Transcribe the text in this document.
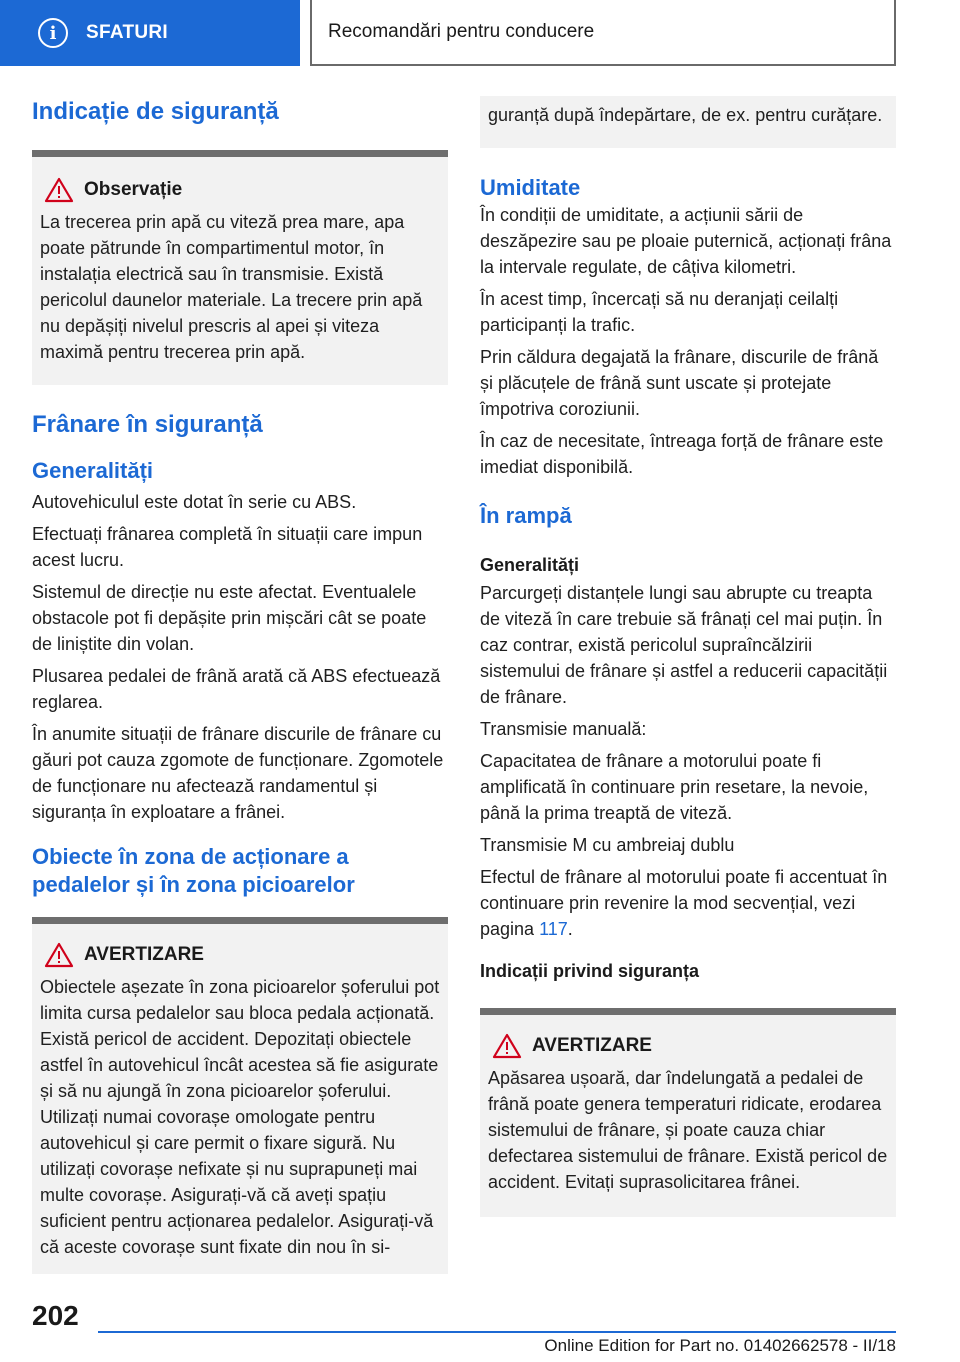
i	SFATURI	Recomandări pentru conducere
Indicație de siguranță
Observație

La trecerea prin apă cu viteză prea mare, apa poate pătrunde în compartimentul motor, în instalația electrică sau în transmisie. Există pericolul daunelor materiale. La trecere prin apă nu depășiți nivelul prescris al apei și viteza maximă pentru trecerea prin apă.

Frânare în siguranță
Generalități

Autovehiculul este dotat în serie cu ABS.

Efectuați frânarea completă în situații care impun acest lucru.

Sistemul de direcție nu este afectat. Eventualele obstacole pot fi depășite prin mișcări cât se poate de liniștite din volan.

Plusarea pedalei de frână arată că ABS efectuează reglarea.

În anumite situații de frânare discurile de frânare cu găuri pot cauza zgomote de funcționare. Zgomotele de funcționare nu afectează randamentul și siguranța în exploatare a frânei.

Obiecte în zona de acționare a pedalelor și în zona picioarelor
AVERTIZARE

Obiectele așezate în zona picioarelor șoferului pot limita cursa pedalelor sau bloca pedala acționată. Există pericol de accident. Depozitați obiectele astfel în autovehicul încât acestea să fie asigurate și să nu ajungă în zona picioarelor șoferului. Utilizați numai covorașe omologate pentru autovehicul și care permit o fixare sigură. Nu utilizați covorașe nefixate și nu suprapuneți mai multe covorașe. Asigurați-vă că aveți spațiu suficient pentru acționarea pedalelor. Asigurați-vă că aceste covorașe sunt fixate din nou în si-

guranță după îndepărtare, de ex. pentru curățare.

Umiditate

În condiții de umiditate, a acțiunii sării de deszăpezire sau pe ploaie puternică, acționați frâna la intervale regulate, de câțiva kilometri.

În acest timp, încercați să nu deranjați ceilalți participanți la trafic.

Prin căldura degajată la frânare, discurile de frână și plăcuțele de frână sunt uscate și protejate împotriva coroziunii.

În caz de necesitate, întreaga forță de frânare este imediat disponibilă.

În rampă
Generalități

Parcurgeți distanțele lungi sau abrupte cu treapta de viteză în care trebuie să frânați cel mai puțin. În caz contrar, există pericolul supraîncălzirii sistemului de frânare și astfel a reducerii capacității de frânare.

Transmisie manuală:

Capacitatea de frânare a motorului poate fi amplificată în continuare prin resetare, la nevoie, până la prima treaptă de viteză.

Transmisie M cu ambreiaj dublu

Efectul de frânare al motorului poate fi accentuat în continuare prin revenire la mod secvențial, vezi pagina 117.

Indicații privind siguranța
AVERTIZARE

Apăsarea ușoară, dar îndelungată a pedalei de frână poate genera temperaturi ridicate, erodarea sistemului de frânare, și poate cauza chiar defectarea sistemului de frânare. Există pericol de accident. Evitați suprasolicitarea frânei.

202
Online Edition for Part no. 01402662578 - II/18
